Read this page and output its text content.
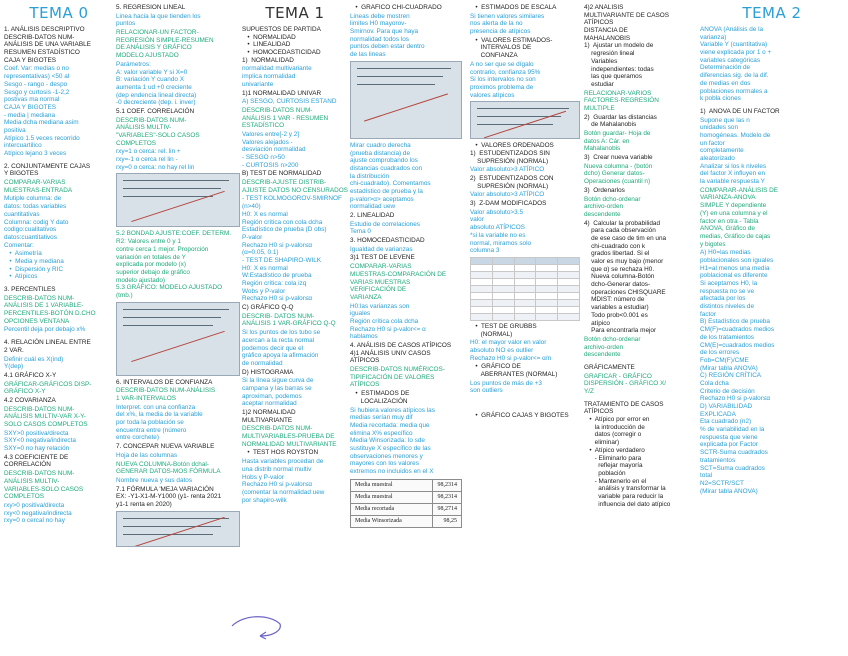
TEMA 0

1. ANÁLISIS DESCRIPTIVO
DESCRIB-DATOS NUM-
ANÁLISIS DE UNA VARIABLE
RESUMEN ESTADÍSTICO
CAJA Y BIGOTES

Coef. Var: medias o no
representativas) <50 al
Sesgo - rango - despo
Sesgo y curtosis -1-2,2
postivas ma normal
CAJA Y BIGOTES
- media | mediana
Media dcha mediana asim
positiva
Atípico 1.5 veces recorrido
intercuartilico
Atípico lejano 3 veces

2. CONJUNTAMENTE CAJAS
Y BIGOTES

COMPARAR-VARIAS
MUESTRAS-ENTRADA

Mutiple columna: de
datos: todas variables
cuantitativas
Columna: codig Y dato
codigo:cualitativos
datos:cuantitativos
Comentar:

•  Asimetría
•  Media y mediana
•  Dispersión y RIC
•  Atípicos

3. PERCENTILES

DESCRIB-DATOS NUM-
ANÁLISIS DE 1 VARIABLE-
PERCENTILES-BOTÓN D.CHO
OPCIONES VENTANA

Percentil deja por debajo x%

4. RELACIÓN LINEAL ENTRE
2 VAR.

Definir cuál es X(ind)
Y(dep)

4.1 GRÁFICO X-Y

GRÁFICAR-GRÁFICOS DISP-
GRÁFICO X-Y

4.2 COVARIANZA

DESCRIB-DATOS NUM-
ANÁLISIS MULTIV-VAR X-Y-
SOLO CASOS COMPLETOS

SXY>0 positiva/directa
SXY<0 negativa/indirecta
SXY=0 no hay relación

4.3 COEFICIENTE DE
CORRELACIÓN

DESCRIB-DATOS NUM-
ANÁLISIS MULTIV-
VARIABLES-SOLO CASOS
COMPLETOS

rxy>0 positiva/directa
rxy<0 negativa/indirecta
rxy=0 o cercal no hay

5. REGRESIÓN LINEAL

Linea hacia la que tienden los
puntos

RELACIONAR-UN FACTOR-
REGRESIÓN SIMPLE-RESUMEN
DE ANÁLISIS Y GRÁFICO
MODELO AJUSTADO

Parámetros:
A: valor variable Y si X=0
B: variación Y cuando X
aumenta 1 ud +0 creciente
(dep endencia lineal directa)
-0 decreciente (dep. i. inver)

5.1 COEF. CORRELACIÓN

DESCRIB-DATOS NUM-
ANÁLISIS MULTIV-
"VARIABLES"-SOLO CASOS
COMPLETOS

rxy=1 o cerca: rel. lin +
rxy=-1 o cerca rel lin -
rxy=0 o cerca: no hay rel lin

5.2 BONDAD AJUSTE:COEF. DETERM.
R2: Valores entre 0 y 1
contre cerca 1 mejor. Proporción
variación en totales de Y
explicada por modelo (x)
superior debajo de gráfico
modelo ajustado)
5.3 GRÁFICO: MODELO AJUSTADO
(tmb.)

6. INTERVALOS DE CONFIANZA

DESCRIB-DATOS NUM-ANÁLISIS
1 VAR-INTERVALOS

Interpret. con una confianza
del x%, la media de la variable
por toda la población se
encuentra entre (número
entre corchete)

7. CONCEPAR NUEVA VARIABLE

Hoja de las columnas

NUEVA COLUMNA-Botón dchal-
GENERAR DATOS-MOS FÓRMULA

Nombre nueva y sus datos

7.1 FÓRMULA 'MEJA VARIACIÓN
EX: -Y1-X1-M-Y1000 (y1- renta 2021
y1-1 renta en 2020)

TEMA 1

SUPUESTOS DE PARTIDA
•  NORMALIDAD
•  LINEALIDAD
•  HOMOCEDASTICIDAD
1)  NORMALIDAD

normalidad multivariante
implica normalidad
univariante

1)1 NORMALIDAD UNIVAR

A) SESGO, CURTOSIS ESTAND

DESCRIB-DATOS NUM-
ANÁLISIS 1 VAR - RESUMEN
ESTADÍSTICO

Valores entre[-2 y 2]
Valores alejados -
desviación normalidad
- SESGO n>50
- CURTOSIS n>200

B) TEST DE NORMALIDAD

DESCRIB-AJUSTE DISTRIB-
AJUSTE DATOS NO CENSURADOS

- TEST KOLMOGOROV-SMIRNOF
(n>40)
H0: X es normal
Región crítica con cola dcha
Estadístico de prueba (D obs)
P-valor
Rechazo H0 si p-valor≤α
(α=0.05, 0.1)
- TEST DE SHAPIRO-WILK
H0: X es normal
W:Estadístico de prueba
Región crítica: cola izq
Wobs y P-valor
Rechazo H0 si p-valor≤α

C) GRÁFICO Q-Q

DESCRIB- DATOS NUM-
ANÁLISIS 1 VAR-GRÁFICO Q-Q

Si los puntos de los tubo se
acercan a la recta normal
podemos decir que el
gráfico apoya la afirmación
de normalidad

D) HISTOGRAMA

Si la línea sigue curva de
campana y las barras se
aproximan, podemos
aceptar normalidad

1)2 NORMALIDAD
MULTIVARIANTE

DESCRIB-DATOS NUM-
MULTIVARIABLES-PRUEBA DE
NORMALIDAD MULTIVARIANTE

•  TEST HOS ROYSTON

Hasta variables procedan de
una distrib normal multiv
Hobs y P-valor
Rechazo H0 si p-valor≤α
(comentar la normalidad uew
por shapiro-wilk

•  GRÁFICO CHI-CUADRADO

Lineas debe mostren
limites H0 mayorov-
Smirnov. Para que haya
normalidad todos los
puntos deben estar dentro
de las lineas

Mirar cuadro derecha
(prueba distancia) de
ajuste comprobando los
distancias cuadrados con
la distribución
chi-cuadrado). Comentamos
estadístico de prueba y la
p-valor>α> aceptamos
normalidad uew

2. LINEALIDAD

Estudio de correlaciones
Tema 0

3. HOMOCEDASTICIDAD

Igualdad de varianzas

3)1 TEST DE LEVENE

COMPARAR-VARIAS
MUESTRAS-COMPARACIÓN DE
VARIAS MUESTRAS
VERIFICACIÓN DE
VARIANZA

H0:las varianzas son
iguales
Región crítica cola dcha
Rechazo H0 si p-valor<= α
hablamos

4. ANÁLISIS DE CASOS ATÍPICOS
4)1 ANÁLISIS UNIV CASOS
ATÍPICOS

DESCRIB-DATOS NUMÉRICOS-
TIPIFICACIÓN DE VALORES
ATÍPICOS

•  ESTIMADOS DE
LOCALIZACIÓN

Si hubiera valores atípicos las
medias serían muy dif
Media recortada: media que
elimina X% específico
Media Winsorizada: lo sde
sustituye X específico de las
observaciones menores y
mayores con los valores
extremos no incluidos en el X

Media muestral	98,2314
Media muestral	98,2314
Media recortada	98,2714
Media Winsorizada	98,25

•  ESTIMADOS DE ESCALA

Si tienen valores similares
nos alerta de la no
presencia de atípicos

•  VALORES ESTIMADOS-
INTERVALOS DE
CONFIANZA

A no ser que se dígalo
contrario, confianza 95%
Si los intervalos no son
proximos problema de
valores atípicos

•  VALORES ORDENADOS
1)  ESTUDENTIZADOS SIN
SUPRESIÓN (NORMAL)

Valor absoluto>3 ATÍPICO

2)  ESTUDENTIZADOS CON
SUPRESIÓN (NORMAL)

Valor absoluto>3 ATÍPICO

3)  Z-DAM MODIFICADOS

Valor absoluto>3.5
valor
absoluto ATÍPICOS
*si la variable no es
normal, miramos solo
columna 3

•  TEST DE GRUBBS
(NORMAL)

H0: el mayor valor en valor
absoluto NO es outlier
Rechazo H0 si p-valor<= α/n

•  GRÁFICO DE
ABERRANTES (NORMAL)

Los puntos de más de +3
son outliers

•  GRÁFICO CAJAS Y BIGOTES

4)2 ANÁLISIS
MULTIVARIANTE DE CASOS
ATÍPICOS
DISTANCIA DE
MAHALANOBIS
1)  Ajustar un modelo de
regresión lineal
Variables
independientes: todas
las que queramos
estudiar

RELACIONAR-VARIOS
FACTORES-REGRESIÓN
MULTIPLE

2)  Guardar las distancias
de Mahalanobis

Botón guardar- Hoja de
datos A: Cár. en
Mahalanobis

3)  Crear nueva variable

Nueva columna - (botón
dcho) Generar datos-
Operaciones (cuantil n)

3)  Ordenarlos

Botón dcho-ordenar
archivo-orden
descendente

4)  Calcular la probabilidad
para cada observación
de ese caso de tim en una
chi-cuadrado con k
grados libertad. Si el
valor es muy bajo (menor
que α) se rechaza H0.
Nueva columna-Botón
dcho-Generar datos-
operaciones CHISQUARE
MDIST: número de
variables a estudiar)
Todo prob<0.001 es
atípico
Para encontrarla mejor

Botón dcho-ordenar
archivo-orden
descendente

GRÁFICAMENTE

GRAFICAR - GRÁFICO
DISPERSIÓN - GRÁFICO X/
Y/Z

TRATAMIENTO DE CASOS
ATÍPICOS
•  Atípico por error en
la introducción de
datos (corregir o
eliminar)
•  Atípico verdadero
- Eliminarlo para
reflejar mayoría
población
- Mantenerlo en el
análisis y transformar la
variable para reducir la
influencia del dato atípico

TEMA 2

ANOVA (Análisis de la
varianza)
Variable Y (cuantitativa)
viene explicada por 1 o +
variables categóricas
Determinación de
diferencias sig. de la dif.
de medias en dos
poblaciones normales a
k pobla ciones

1)  ANOVA DE UN FACTOR

Supone que las n
unidades son
homogéneas. Modelo de
un factor
completamente
aleatorizado
Analizar si los k niveles
del factor X influyen en
la variable respuesta Y

COMPARAR-ANÁLISIS DE
VARIANZA-ANOVA
SIMPLE Y dependiente
(Y) en una columna y el
factor en otra - Tabla
ANOVA, Gráfico de
medias, Gráfico de cajas
y bigotes

A) H0=las medias
poblacionales son iguales
H1=al menos una media
poblacional es diferente
Si aceptamos H0, la
respuesta no se ve
afectada por los
distintos niveles de
factor
B) Estadístico de prueba
CM(F)=cuadrados medios
de los tratamientos
CM(E)=cuadrados medios
de los errores
Fob=CM(F)/CME
(Mirar tabla ANOVA)
C) REGIÓN CRÍTICA
Cola dcha
Criterio de decisión
Rechazo H0 si p-valor≤α
D) VARIABILIDAD
EXPLICADA
Eta cuadrado (n2)
% de variabilidad en la
respuesta que viene
explicada por Factor
SCTR-Suma cuadrados
tratamientos
SCT=Suma cuadrados
total
N2=SCTR/SCT
(Mirar tabla ANOVA)
